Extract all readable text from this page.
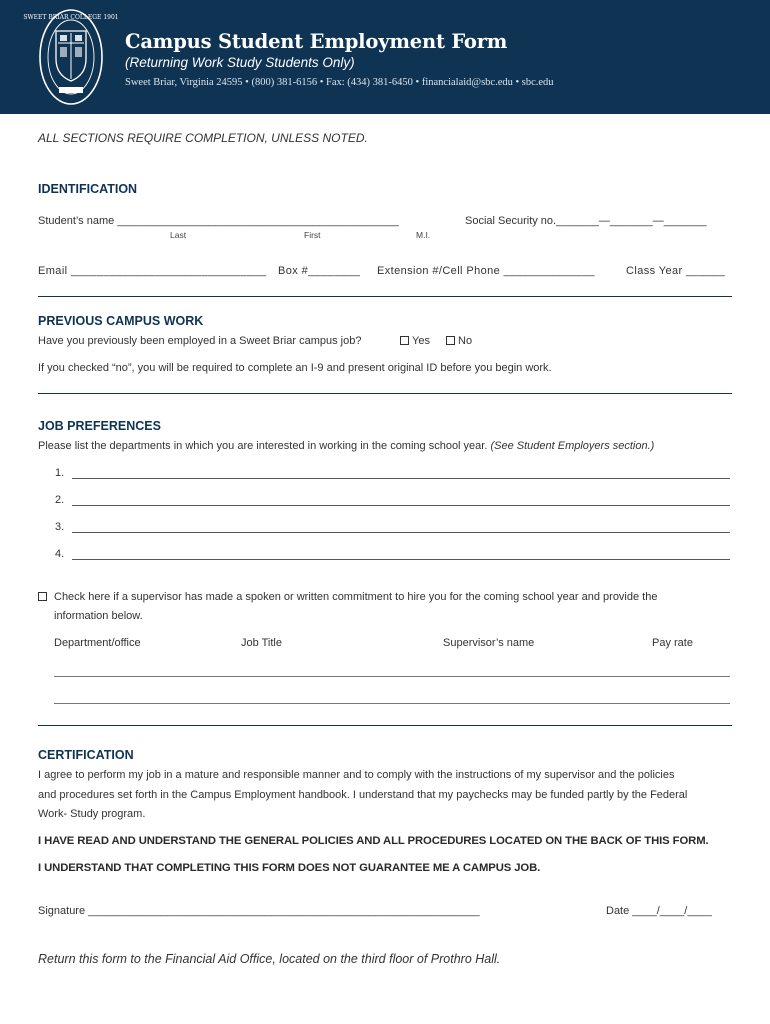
SWEET BRIAR COLLEGE 1901
Campus Student Employment Form
(Returning Work Study Students Only)
Sweet Briar, Virginia 24595 • (800) 381-6156 • Fax: (434) 381-6450 • financialaid@sbc.edu • sbc.edu
ALL SECTIONS REQUIRE COMPLETION, UNLESS NOTED.
IDENTIFICATION
Student’s name ______________________________________________	Social Security no._______—_______—_______
Last	First	M.I.
Email ______________________________ Box #________ Extension #/Cell Phone ______________	Class Year ______
PREVIOUS CAMPUS WORK
Have you previously been employed in a Sweet Briar campus job?	Yes	No
If you checked “no”, you will be required to complete an I-9 and present original ID before you begin work.
JOB PREFERENCES
Please list the departments in which you are interested in working in the coming school year. (See Student Employers section.)
1.
2.
3.
4.
Check here if a supervisor has made a spoken or written commitment to hire you for the coming school year and provide the
information below.
Department/office	Job Title	Supervisor’s name	Pay rate
CERTIFICATION
I agree to perform my job in a mature and responsible manner and to comply with the instructions of my supervisor and the policies
and procedures set forth in the Campus Employment handbook. I understand that my paychecks may be funded partly by the Federal
Work- Study program.
I HAVE READ AND UNDERSTAND THE GENERAL POLICIES AND ALL PROCEDURES LOCATED ON THE BACK OF THIS FORM.
I UNDERSTAND THAT COMPLETING THIS FORM DOES NOT GUARANTEE ME A CAMPUS JOB.
Signature ________________________________________________________________	Date ____/____/____
Return this form to the Financial Aid Office, located on the third floor of Prothro Hall.
